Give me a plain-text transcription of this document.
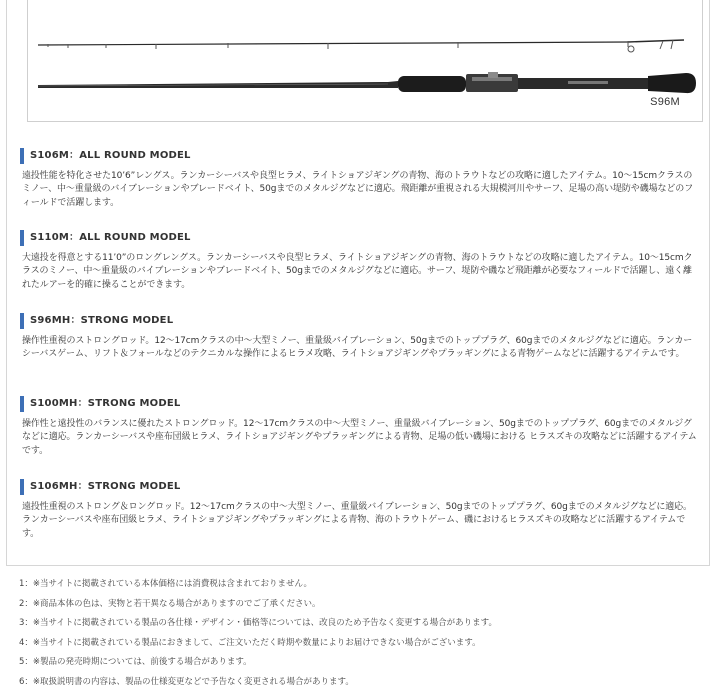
S96M
S106M：ALL ROUND MODEL
遠投性能を特化させた10’6”レングス。ランカーシーバスや良型ヒラメ、ライトショアジギングの青物、海のトラウトなどの攻略に適したアイテム。10～15cmクラスのミノー、中～重量級のバイブレーションやブレードベイト、50gまでのメタルジグなどに適応。飛距離が重視される大規模河川やサーフ、足場の高い堤防や磯場などのフィールドで活躍します。
S110M：ALL ROUND MODEL
大遠投を得意とする11’0”のロングレングス。ランカーシーバスや良型ヒラメ、ライトショアジギングの青物、海のトラウトなどの攻略に適したアイテム。10～15cmクラスのミノー、中～重量級のバイブレーションやブレードベイト、50gまでのメタルジグなどに適応。サーフ、堤防や磯など飛距離が必要なフィールドで活躍し、遠く離れたルアーを的確に操ることができます。
S96MH：STRONG MODEL
操作性重視のストロングロッド。12～17cmクラスの中～大型ミノー、重量級バイブレーション、50gまでのトッププラグ、60gまでのメタルジグなどに適応。ランカーシーバスゲーム、リフト＆フォールなどのテクニカルな操作によるヒラメ攻略、ライトショアジギングやプラッギングによる青物ゲームなどに活躍するアイテムです。
S100MH：STRONG MODEL
操作性と遠投性のバランスに優れたストロングロッド。12～17cmクラスの中～大型ミノー、重量級バイブレーション、50gまでのトッププラグ、60gまでのメタルジグなどに適応。ランカーシーバスや座布団級ヒラメ、ライトショアジギングやプラッギングによる青物、足場の低い磯場における ヒラスズキの攻略などに活躍するアイテムです。
S106MH：STRONG MODEL
遠投性重視のストロング＆ロングロッド。12～17cmクラスの中～大型ミノー、重量級バイブレーション、50gまでのトッププラグ、60gまでのメタルジグなどに適応。ランカーシーバスや座布団級ヒラメ、ライトショアジギングやプラッギングによる青物、海のトラウトゲーム、磯におけるヒラスズキの攻略などに活躍するアイテムです。
1：※当サイトに掲載されている本体価格には消費税は含まれておりません。
2：※商品本体の色は、実物と若干異なる場合がありますのでご了承ください。
3：※当サイトに掲載されている製品の各仕様・デザイン・価格等については、改良のため予告なく変更する場合があります。
4：※当サイトに掲載されている製品におきまして、ご注文いただく時期や数量によりお届けできない場合がございます。
5：※製品の発売時期については、前後する場合があります。
6：※取扱説明書の内容は、製品の仕様変更などで予告なく変更される場合があります。
